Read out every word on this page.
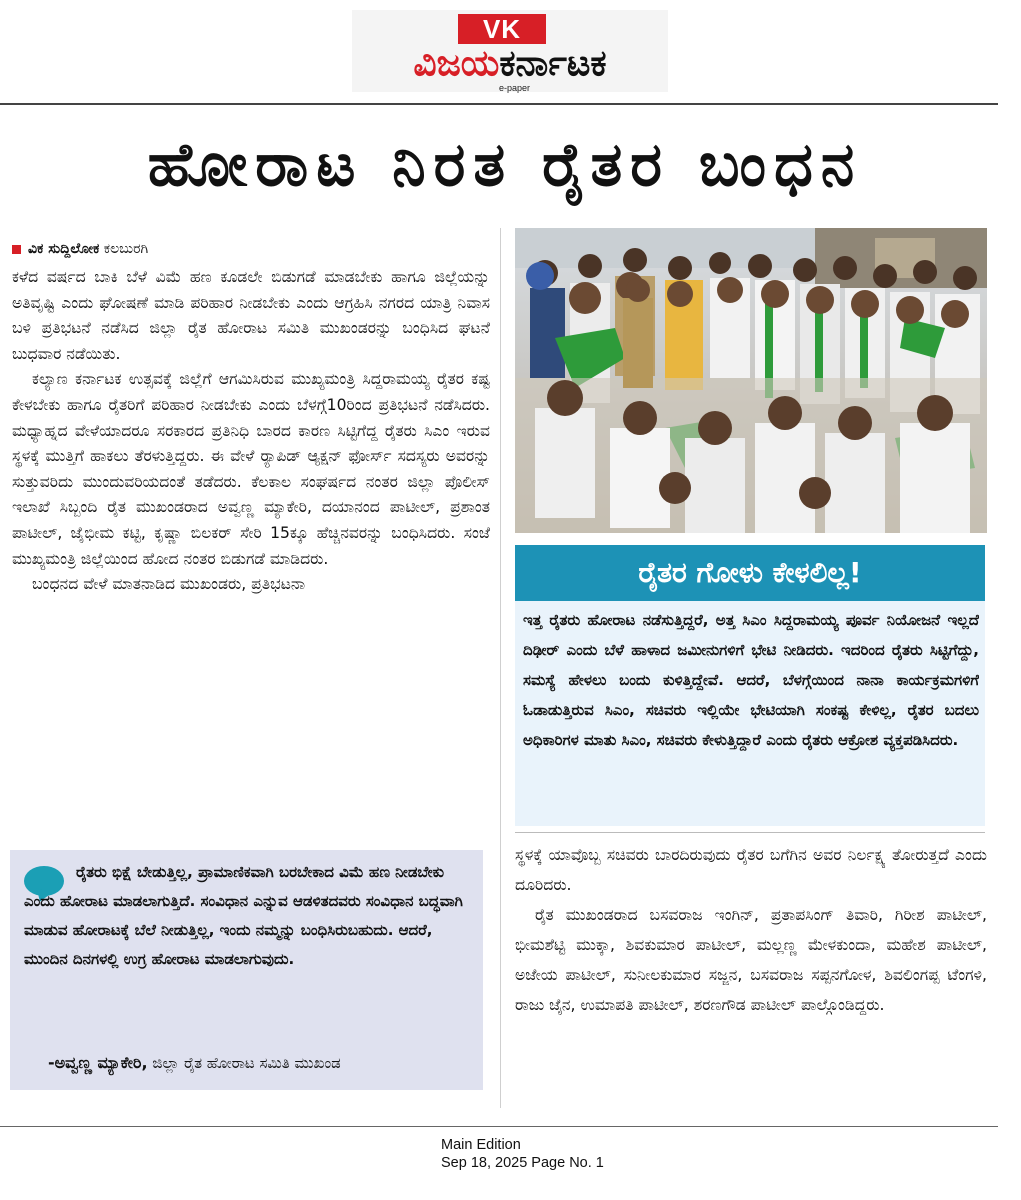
VK
ವಿಜಯಕರ್ನಾಟಕ
e-paper
ಹೋರಾಟ ನಿರತ ರೈತರ ಬಂಧನ
ವಿಕ ಸುದ್ದಿಲೋಕ ಕಲಬುರಗಿ

ಕಳೆದ ವರ್ಷದ ಬಾಕಿ ಬೆಳೆ ವಿಮೆ ಹಣ ಕೂಡಲೇ ಬಿಡುಗಡೆ ಮಾಡಬೇಕು ಹಾಗೂ ಜಿಲ್ಲೆಯನ್ನು ಅತಿವೃಷ್ಟಿ ಎಂದು ಘೋಷಣೆ ಮಾಡಿ ಪರಿಹಾರ ನೀಡಬೇಕು ಎಂದು ಆಗ್ರಹಿಸಿ ನಗರದ ಯಾತ್ರಿ ನಿವಾಸ ಬಳಿ ಪ್ರತಿಭಟನೆ ನಡೆಸಿದ ಜಿಲ್ಲಾ ರೈತ ಹೋರಾಟ ಸಮಿತಿ ಮುಖಂಡರನ್ನು ಬಂಧಿಸಿದ ಘಟನೆ ಬುಧವಾರ ನಡೆಯಿತು.

ಕಲ್ಯಾಣ ಕರ್ನಾಟಕ ಉತ್ಸವಕ್ಕೆ ಜಿಲ್ಲೆಗೆ ಆಗಮಿಸಿರುವ ಮುಖ್ಯಮಂತ್ರಿ ಸಿದ್ದರಾಮಯ್ಯ ರೈತರ ಕಷ್ಟ ಕೇಳಬೇಕು ಹಾಗೂ ರೈತರಿಗೆ ಪರಿಹಾರ ನೀಡಬೇಕು ಎಂದು ಬೆಳಗ್ಗೆ10ರಿಂದ ಪ್ರತಿಭಟನೆ ನಡೆಸಿದರು. ಮಧ್ಯಾಹ್ನದ ವೇಳೆಯಾದರೂ ಸರಕಾರದ ಪ್ರತಿನಿಧಿ ಬಾರದ ಕಾರಣ ಸಿಟ್ಟಿಗೆದ್ದ ರೈತರು ಸಿಎಂ ಇರುವ ಸ್ಥಳಕ್ಕೆ ಮುತ್ತಿಗೆ ಹಾಕಲು ತೆರಳುತ್ತಿದ್ದರು. ಈ ವೇಳೆ ರ‍್ಯಾಪಿಡ್ ಆ್ಯಕ್ಷನ್ ಫೋರ್ಸ್ ಸದಸ್ಯರು ಅವರನ್ನು ಸುತ್ತುವರಿದು ಮುಂದುವರಿಯದಂತೆ ತಡೆದರು. ಕೆಲಕಾಲ ಸಂಘರ್ಷದ ನಂತರ ಜಿಲ್ಲಾ ಪೊಲೀಸ್ ಇಲಾಖೆ ಸಿಬ್ಬಂದಿ ರೈತ ಮುಖಂಡರಾದ ಅವ್ವಣ್ಣ ಮ್ಯಾಕೇರಿ, ದಯಾನಂದ ಪಾಟೀಲ್, ಪ್ರಶಾಂತ ಪಾಟೀಲ್, ಜೈಭೀಮ ಕಟ್ಟಿ, ಕೃಷ್ಣಾ ಬಿಲಕರ್ ಸೇರಿ 15ಕ್ಕೂ ಹೆಚ್ಚಿನವರನ್ನು ಬಂಧಿಸಿದರು. ಸಂಜೆ ಮುಖ್ಯಮಂತ್ರಿ ಜಿಲ್ಲೆಯಿಂದ ಹೋದ ನಂತರ ಬಿಡುಗಡೆ ಮಾಡಿದರು.

ಬಂಧನದ ವೇಳೆ ಮಾತನಾಡಿದ ಮುಖಂಡರು, ಪ್ರತಿಭಟನಾ

ರೈತರು ಭಿಕ್ಷೆ ಬೇಡುತ್ತಿಲ್ಲ, ಪ್ರಾಮಾಣಿಕವಾಗಿ ಬರಬೇಕಾದ ವಿಮೆ ಹಣ ನೀಡಬೇಕು ಎಂದು ಹೋರಾಟ ಮಾಡಲಾಗುತ್ತಿದೆ. ಸಂವಿಧಾನ ಎನ್ನುವ ಆಡಳಿತದವರು ಸಂವಿಧಾನ ಬದ್ಧವಾಗಿ ಮಾಡುವ ಹೋರಾಟಕ್ಕೆ ಬೆಲೆ ನೀಡುತ್ತಿಲ್ಲ, ಇಂದು ನಮ್ಮನ್ನು ಬಂಧಿಸಿರುಬಹುದು. ಆದರೆ, ಮುಂದಿನ ದಿನಗಳಲ್ಲಿ ಉಗ್ರ ಹೋರಾಟ ಮಾಡಲಾಗುವುದು.
-ಅವ್ವಣ್ಣ ಮ್ಯಾಕೇರಿ, ಜಿಲ್ಲಾ ರೈತ ಹೋರಾಟ ಸಮಿತಿ ಮುಖಂಡ
ರೈತರ ಗೋಳು ಕೇಳಲಿಲ್ಲ!
ಇತ್ತ ರೈತರು ಹೋರಾಟ ನಡೆಸುತ್ತಿದ್ದರೆ, ಅತ್ತ ಸಿಎಂ ಸಿದ್ದರಾಮಯ್ಯ ಪೂರ್ವ ನಿಯೋಜನೆ ಇಲ್ಲದೆ ದಿಢೀರ್ ಎಂದು ಬೆಳೆ ಹಾಳಾದ ಜಮೀನುಗಳಿಗೆ ಭೇಟಿ ನೀಡಿದರು. ಇದರಿಂದ ರೈತರು ಸಿಟ್ಟಿಗೆದ್ದು, ಸಮಸ್ಯೆ ಹೇಳಲು ಬಂದು ಕುಳಿತ್ತಿದ್ದೇವೆ. ಆದರೆ, ಬೆಳಗ್ಗೆಯಿಂದ ನಾನಾ ಕಾರ್ಯಕ್ರಮಗಳಿಗೆ ಓಡಾಡುತ್ತಿರುವ ಸಿಎಂ, ಸಚಿವರು ಇಲ್ಲಿಯೇ ಭೇಟಿಯಾಗಿ ಸಂಕಷ್ಟ ಕೇಳಿಲ್ಲ, ರೈತರ ಬದಲು ಅಧಿಕಾರಿಗಳ ಮಾತು ಸಿಎಂ, ಸಚಿವರು ಕೇಳುತ್ತಿದ್ದಾರೆ ಎಂದು ರೈತರು ಆಕ್ರೋಶ ವ್ಯಕ್ತಪಡಿಸಿದರು.

ಸ್ಥಳಕ್ಕೆ ಯಾವೊಬ್ಬ ಸಚಿವರು ಬಾರದಿರುವುದು ರೈತರ ಬಗೆಗಿನ ಅವರ ನಿರ್ಲಕ್ಷ್ಯ ತೋರುತ್ತದೆ ಎಂದು ದೂರಿದರು.

ರೈತ ಮುಖಂಡರಾದ ಬಸವರಾಜ ಇಂಗಿನ್, ಪ್ರತಾಪಸಿಂಗ್ ತಿವಾರಿ, ಗಿರೀಶ ಪಾಟೀಲ್, ಭೀಮಶೆಟ್ಟಿ ಮುಕ್ಕಾ, ಶಿವಕುಮಾರ ಪಾಟೀಲ್, ಮಲ್ಲಣ್ಣ ಮೇಳಕುಂದಾ, ಮಹೇಶ ಪಾಟೀಲ್, ಅಜೇಯ ಪಾಟೀಲ್, ಸುನೀಲಕುಮಾರ ಸಜ್ಜನ, ಬಸವರಾಜ ಸಪ್ಪನಗೋಳ, ಶಿವಲಿಂಗಪ್ಪ ಟೆಂಗಳಿ, ರಾಜು ಜೈನ, ಉಮಾಪತಿ ಪಾಟೀಲ್, ಶರಣಗೌಡ ಪಾಟೀಲ್ ಪಾಲ್ಗೊಂಡಿದ್ದರು.

Main Edition
Sep 18, 2025 Page No. 1
